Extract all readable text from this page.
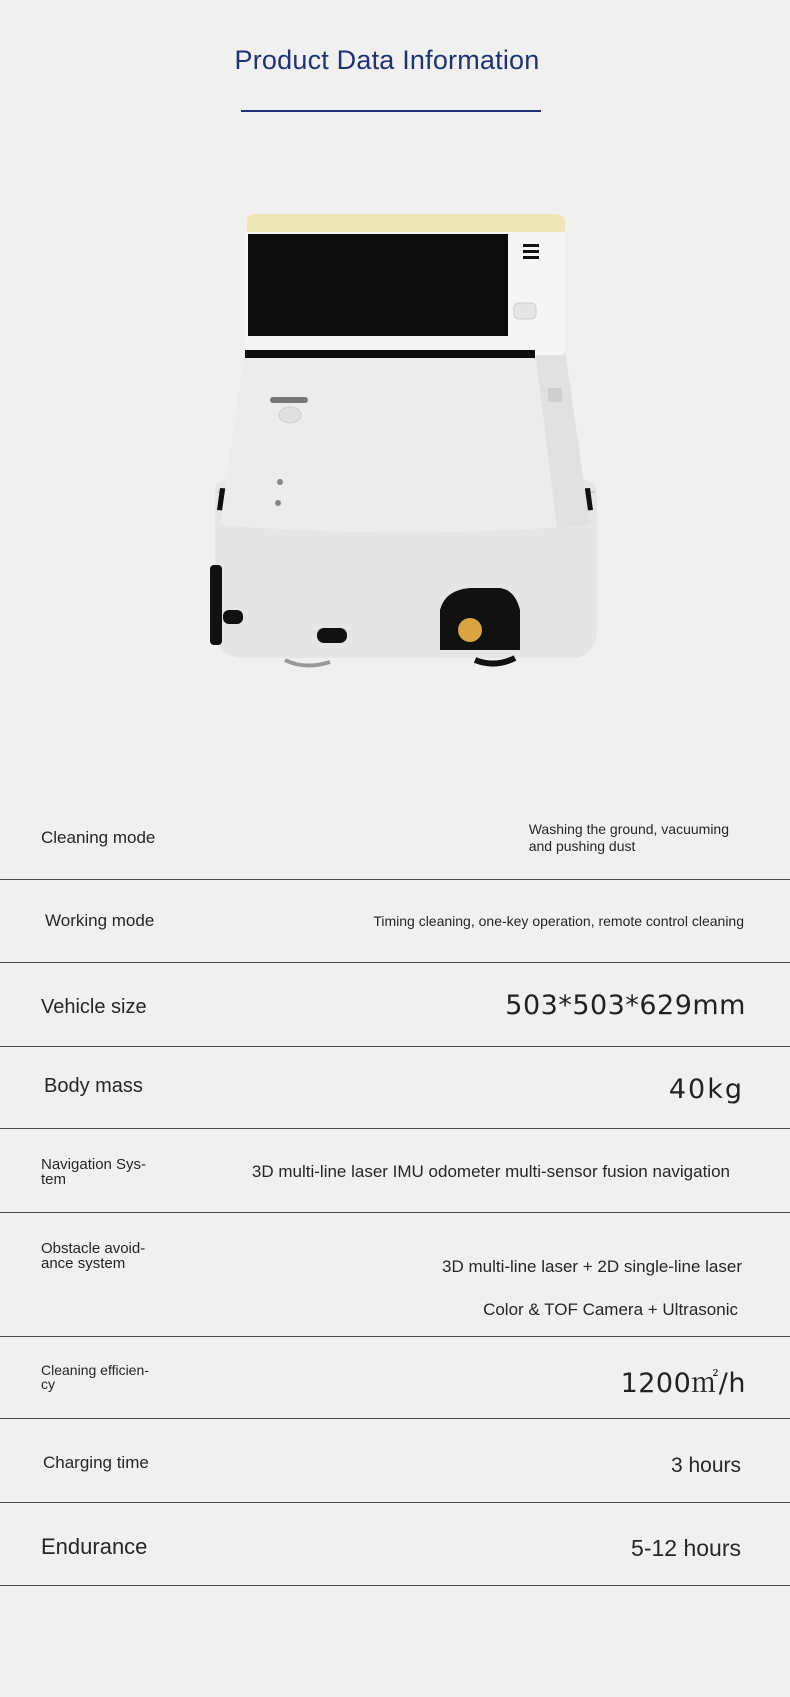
Product Data Information
Cleaning mode	Washing the ground, vacuuming
and pushing dust
Working mode	Timing cleaning, one-key operation, remote control cleaning
Vehicle size	503*503*629mm
Body mass	40kg
Navigation Sys-
tem	3D multi-line laser IMU odometer multi-sensor fusion navigation
Obstacle avoid-
ance system	3D multi-line laser + 2D single-line laser
Color & TOF Camera + Ultrasonic
Cleaning efficien-
cy	1200㎡/h
Charging time	3 hours
Endurance	5-12 hours
